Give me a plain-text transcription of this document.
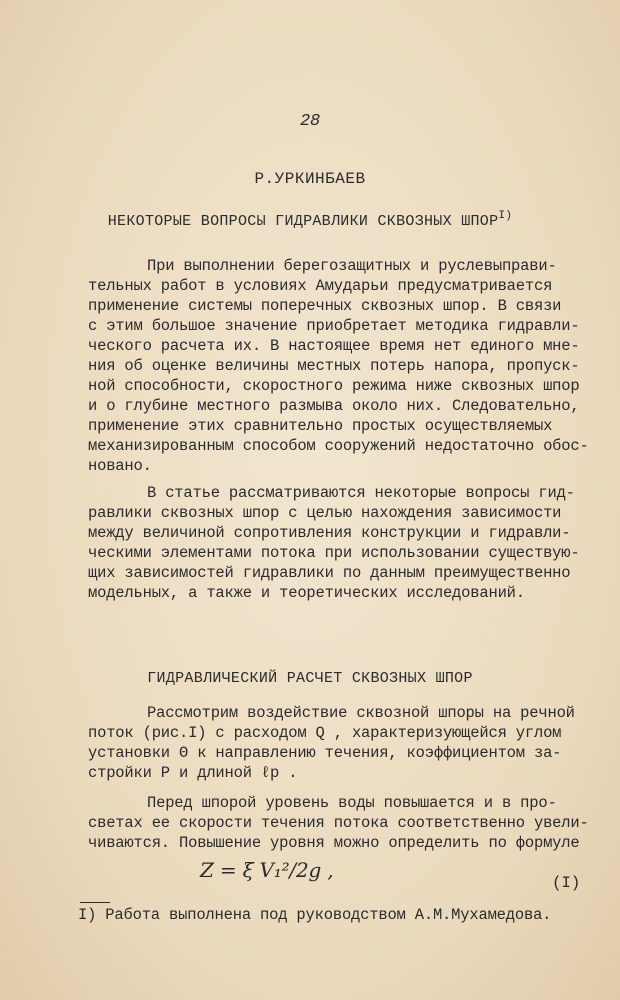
28
Р.УРКИНБАЕВ
НЕКОТОРЫЕ ВОПРОСЫ ГИДРАВЛИКИ СКВОЗНЫХ $ШПОР^{I)}$
При выполнении берегозащитных и руслевыправи-
тельных работ в условиях Амударьи предусматривается
применение системы поперечных сквозных шпор. В связи
с этим большое значение приобретает методика гидравли-
ческого расчета их. В настоящее время нет единого мне-
ния об оценке величины местных потерь напора, пропуск-
ной способности, скоростного режима ниже сквозных шпор
и о глубине местного размыва около них. Следовательно,
применение этих сравнительно простых осуществляемых
механизированным способом сооружений недостаточно обос-
новано.
В статье рассматриваются некоторые вопросы гид-
равлики сквозных шпор с целью нахождения зависимости
между величиной сопротивления конструкции и гидравли-
ческими элементами потока при использовании существую-
щих зависимостей гидравлики по данным преимущественно
модельных, а также и теоретических исследований.
ГИДРАВЛИЧЕСКИЙ РАСЧЕТ СКВОЗНЫХ ШПОР
Рассмотрим воздействие сквозной шпоры на речной
поток (рис.I) с расходом Q , характеризующейся углом
установки Θ к направлению течения, коэффициентом за-
стройки Р и длиной ℓр .
Перед шпорой уровень воды повышается и в про-
светах ее скорости течения потока соответственно увели-
чиваются. Повышение уровня можно определить по формуле
Z = ξ V₁²/2g ,
(I)
I) Работа выполнена под руководством А.М.Мухамедова.
